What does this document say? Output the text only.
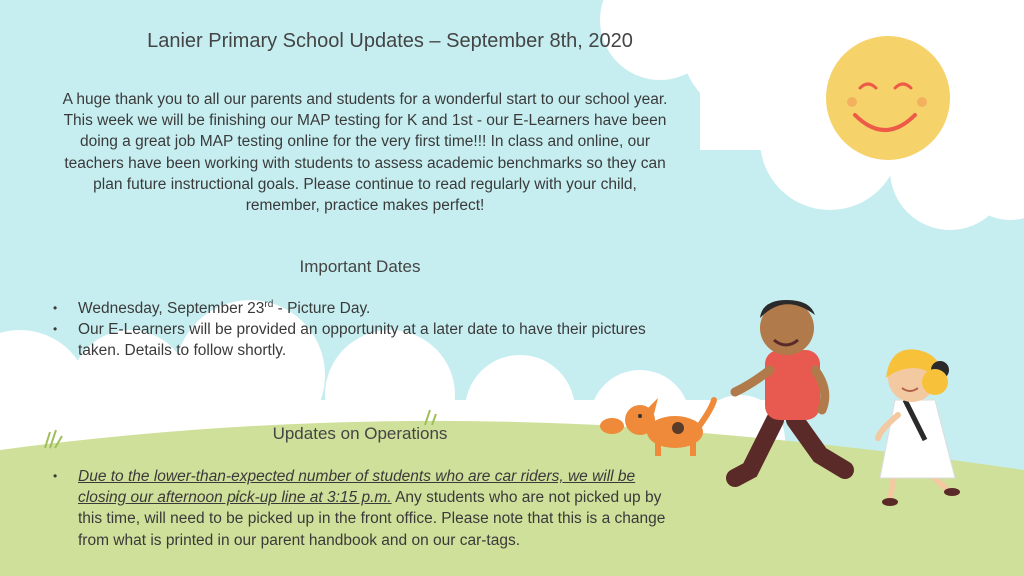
Lanier Primary School Updates – September 8th, 2020
A huge thank you to all our parents and students for a wonderful start to our school year. This week we will be finishing our MAP testing for K and 1st - our E-Learners have been doing a great job MAP testing online for the very first time!!! In class and online, our teachers have been working with students to assess academic benchmarks so they can plan future instructional goals. Please continue to read regularly with your child, remember, practice makes perfect!
Important Dates
• Wednesday, September 23rd - Picture Day.
• Our E-Learners will be provided an opportunity at a later date to have their pictures taken. Details to follow shortly.
Updates on Operations
• Due to the lower-than-expected number of students who are car riders, we will be closing our afternoon pick-up line at 3:15 p.m. Any students who are not picked up by this time, will need to be picked up in the front office. Please note that this is a change from what is printed in our parent handbook and on our car-tags.
